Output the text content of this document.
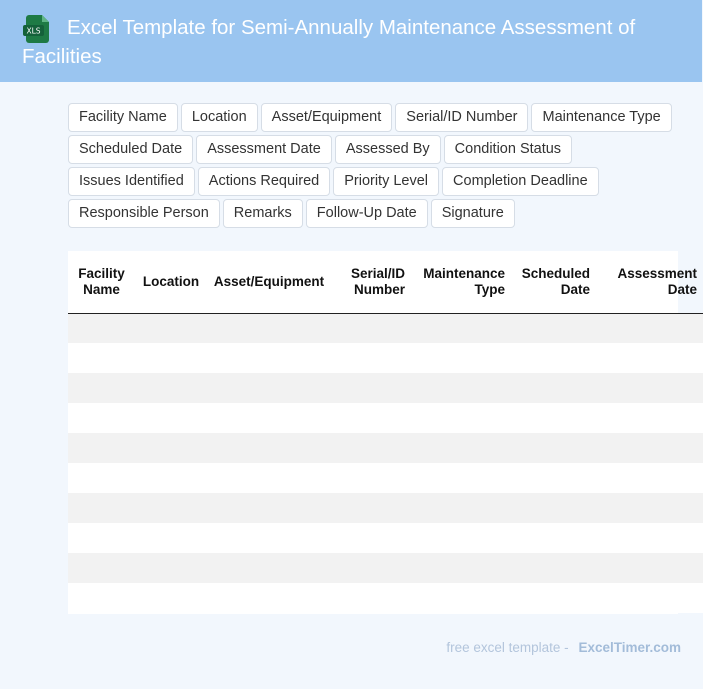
XLS	Excel Template for Semi-Annually Maintenance Assessment of Facilities
Facility Name	Location	Asset/Equipment	Serial/ID Number	Maintenance Type
Scheduled Date	Assessment Date	Assessed By	Condition Status
Issues Identified	Actions Required	Priority Level	Completion Deadline
Responsible Person	Remarks	Follow-Up Date	Signature
Facility Name	Location	Asset/Equipment	Serial/ID Number	Maintenance Type	Scheduled Date	Assessment Date

free excel template - ExcelTimer.com
